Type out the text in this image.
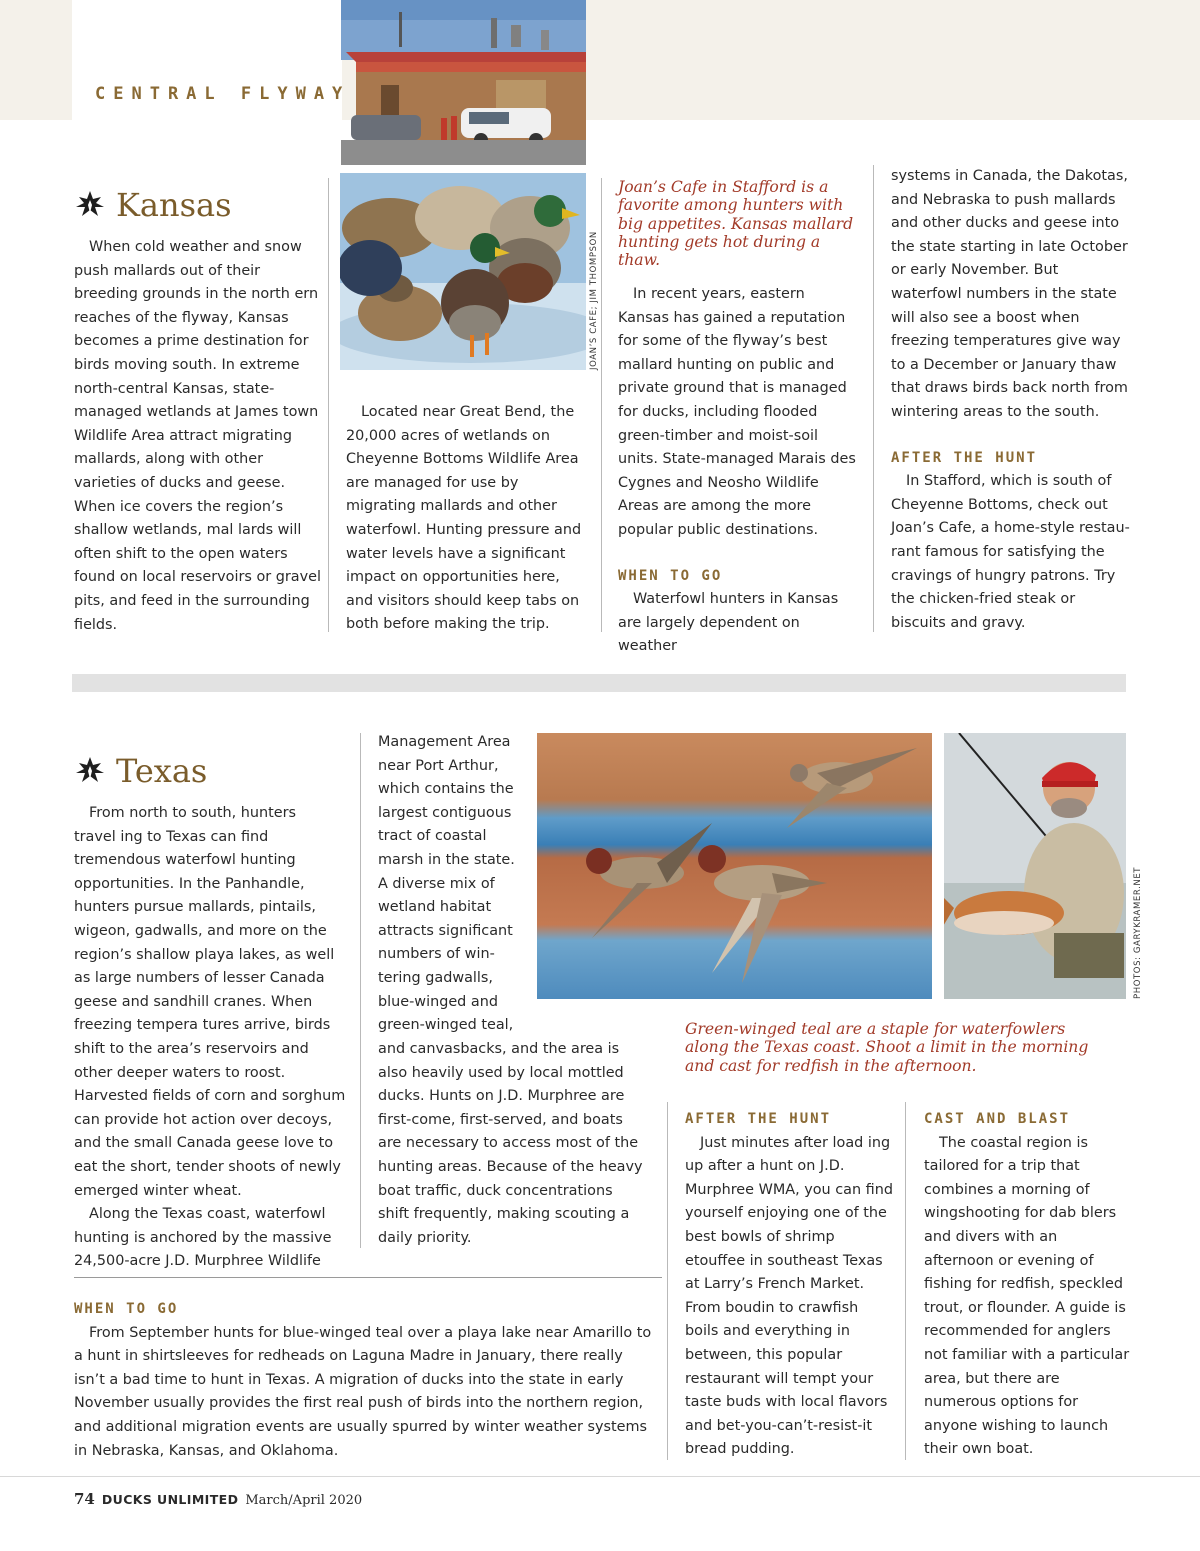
CENTRAL FLYWAY
JOAN’S CAFE; JIM THOMPSON
Kansas

When cold weather and snow push mallards out of their breeding grounds in the north ern reaches of the flyway, Kansas becomes a prime destination for birds moving south. In extreme north-central Kansas, state-managed wetlands at James town Wildlife Area attract migrating mallards, along with other varieties of ducks and geese. When ice covers the region’s shallow wetlands, mal lards will often shift to the open waters found on local reservoirs or gravel pits, and feed in the surrounding fields.

Located near Great Bend, the 20,000 acres of wetlands on Cheyenne Bottoms Wildlife Area are managed for use by migrating mallards and other waterfowl. Hunting pressure and water levels have a significant impact on opportunities here, and visitors should keep tabs on both before making the trip.

Joan’s Cafe in Stafford is a favorite among hunters with big appetites. Kansas mallard hunting gets hot during a thaw.

In recent years, eastern Kansas has gained a reputation for some of the flyway’s best mallard hunting on public and private ground that is managed for ducks, including flooded green-timber and moist-soil units. State-managed Marais des Cygnes and Neosho Wildlife Areas are among the more popular public destinations.

WHEN TO GO

Waterfowl hunters in Kansas are largely dependent on weather

systems in Canada, the Dakotas, and Nebraska to push mallards and other ducks and geese into the state starting in late October or early November. But waterfowl numbers in the state will also see a boost when freezing temperatures give way to a December or January thaw that draws birds back north from wintering areas to the south.
AFTER THE HUNT

In Stafford, which is south of Cheyenne Bottoms, check out Joan’s Cafe, a home-style restau rant famous for satisfying the cravings of hungry patrons. Try the chicken-fried steak or biscuits and gravy.

Texas

From north to south, hunters travel ing to Texas can find tremendous waterfowl hunting opportunities. In the Panhandle, hunters pursue mallards, pintails, wigeon, gadwalls, and more on the region’s shallow playa lakes, as well as large numbers of lesser Canada geese and sandhill cranes. When freezing tempera tures arrive, birds shift to the area’s reservoirs and other deeper waters to roost. Harvested fields of corn and sorghum can provide hot action over decoys, and the small Canada geese love to eat the short, tender shoots of newly emerged winter wheat.

Along the Texas coast, waterfowl hunting is anchored by the massive 24,500-acre J.D. Murphree Wildlife

Management Area near Port Arthur, which contains the largest contiguous tract of coastal marsh in the state. A diverse mix of wetland habitat attracts significant numbers of win tering gadwalls, blue-winged and green-winged teal,
and canvasbacks, and the area is also heavily used by local mottled ducks. Hunts on J.D. Murphree are first-come, first-served, and boats are necessary to access most of the hunting areas. Because of the heavy boat traffic, duck concentrations shift frequently, making scouting a daily priority.
PHOTOS: GARYKRAMER.NET
Green-winged teal are a staple for waterfowlers along the Texas coast. Shoot a limit in the morning and cast for redfish in the afternoon.
AFTER THE HUNT

Just minutes after load ing up after a hunt on J.D. Murphree WMA, you can find yourself enjoying one of the best bowls of shrimp etouffee in southeast Texas at Larry’s French Market. From boudin to crawfish boils and everything in between, this popular restaurant will tempt your taste buds with local flavors and bet-you-can’t-resist-it bread pudding.

CAST AND BLAST

The coastal region is tailored for a trip that combines a morning of wingshooting for dab blers and divers with an afternoon or evening of fishing for redfish, speckled trout, or flounder. A guide is recommended for anglers not familiar with a particular area, but there are numerous options for anyone wishing to launch their own boat.

WHEN TO GO

From September hunts for blue-winged teal over a playa lake near Amarillo to a hunt in shirtsleeves for redheads on Laguna Madre in January, there really isn’t a bad time to hunt in Texas. A migration of ducks into the state in early November usually provides the first real push of birds into the northern region, and additional migration events are usually spurred by winter weather systems in Nebraska, Kansas, and Oklahoma.

74 DUCKS UNLIMITED March/April 2020
